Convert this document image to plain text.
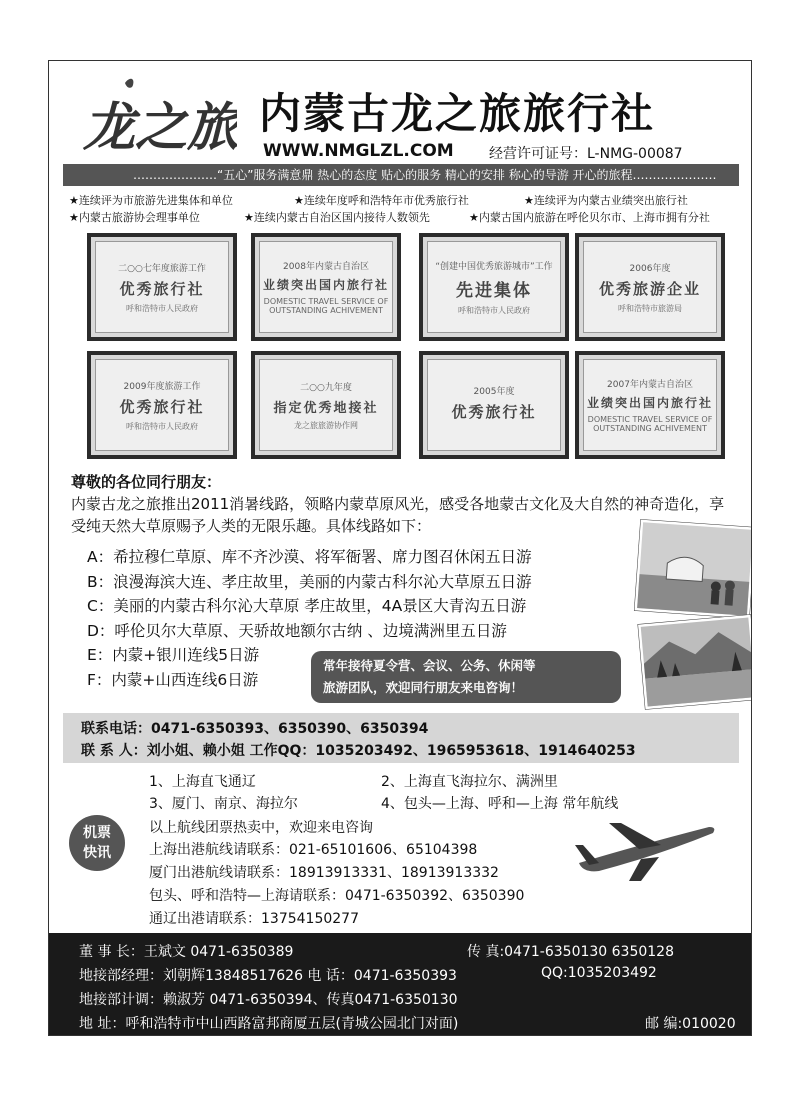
龙之旅 内蒙古龙之旅旅行社
WWW.NMGLZL.COM	经营许可证号：L-NMG-00087
…………………“五心”服务满意鼎 热心的态度 贴心的服务 精心的安排 称心的导游 开心的旅程…………………
★连续评为市旅游先进集体和单位	★连续年度呼和浩特年市优秀旅行社	★连续评为内蒙古业绩突出旅行社
★内蒙古旅游协会理事单位	★连续内蒙古自治区国内接待人数领先	★内蒙古国内旅游在呼伦贝尔市、上海市拥有分社
二○○七年度旅游工作
优秀旅行社
呼和浩特市人民政府
2008年内蒙古自治区
业绩突出国内旅行社
DOMESTIC TRAVEL SERVICE OF OUTSTANDING ACHIVEMENT
“创建中国优秀旅游城市”工作
先进集体
呼和浩特市人民政府
2006年度
优秀旅游企业
呼和浩特市旅游局
2009年度旅游工作
优秀旅行社
呼和浩特市人民政府
二○○九年度
指定优秀地接社
龙之旅旅游协作网
2005年度
优秀旅行社
2007年内蒙古自治区
业绩突出国内旅行社
DOMESTIC TRAVEL SERVICE OF OUTSTANDING ACHIVEMENT
尊敬的各位同行朋友：
内蒙古龙之旅推出2011消暑线路，领略内蒙草原风光，感受各地蒙古文化及大自然的神奇造化，享受纯天然大草原赐予人类的无限乐趣。具体线路如下：
A：希拉穆仁草原、库不齐沙漠、将军衙署、席力图召休闲五日游
B：浪漫海滨大连、孝庄故里，美丽的内蒙古科尔沁大草原五日游
C：美丽的内蒙古科尔沁大草原 孝庄故里，4A景区大青沟五日游
D：呼伦贝尔大草原、天骄故地额尔古纳 、边境满洲里五日游
E：内蒙+银川连线5日游
F：内蒙+山西连线6日游
常年接待夏令营、会议、公务、休闲等
旅游团队，欢迎同行朋友来电咨询！
联系电话：0471-6350393、6350390、6350394
联 系 人：刘小姐、赖小姐 工作QQ：1035203492、1965953618、1914640253
机票
快讯
1、上海直飞通辽	2、上海直飞海拉尔、满洲里
3、厦门、南京、海拉尔	4、包头—上海、呼和—上海 常年航线
以上航线团票热卖中，欢迎来电咨询
上海出港航线请联系：021-65101606、65104398
厦门出港航线请联系：18913913331、18913913332
包头、呼和浩特—上海请联系：0471-6350392、6350390
通辽出港请联系：13754150277
董 事 长：王斌文 0471-6350389	传 真:0471-6350130 6350128
地接部经理：刘朝辉13848517626 电 话：0471-6350393	QQ:1035203492
地接部计调：赖淑芳 0471-6350394、传真0471-6350130
地 址：呼和浩特市中山西路富邦商厦五层(青城公园北门对面)	邮 编:010020
